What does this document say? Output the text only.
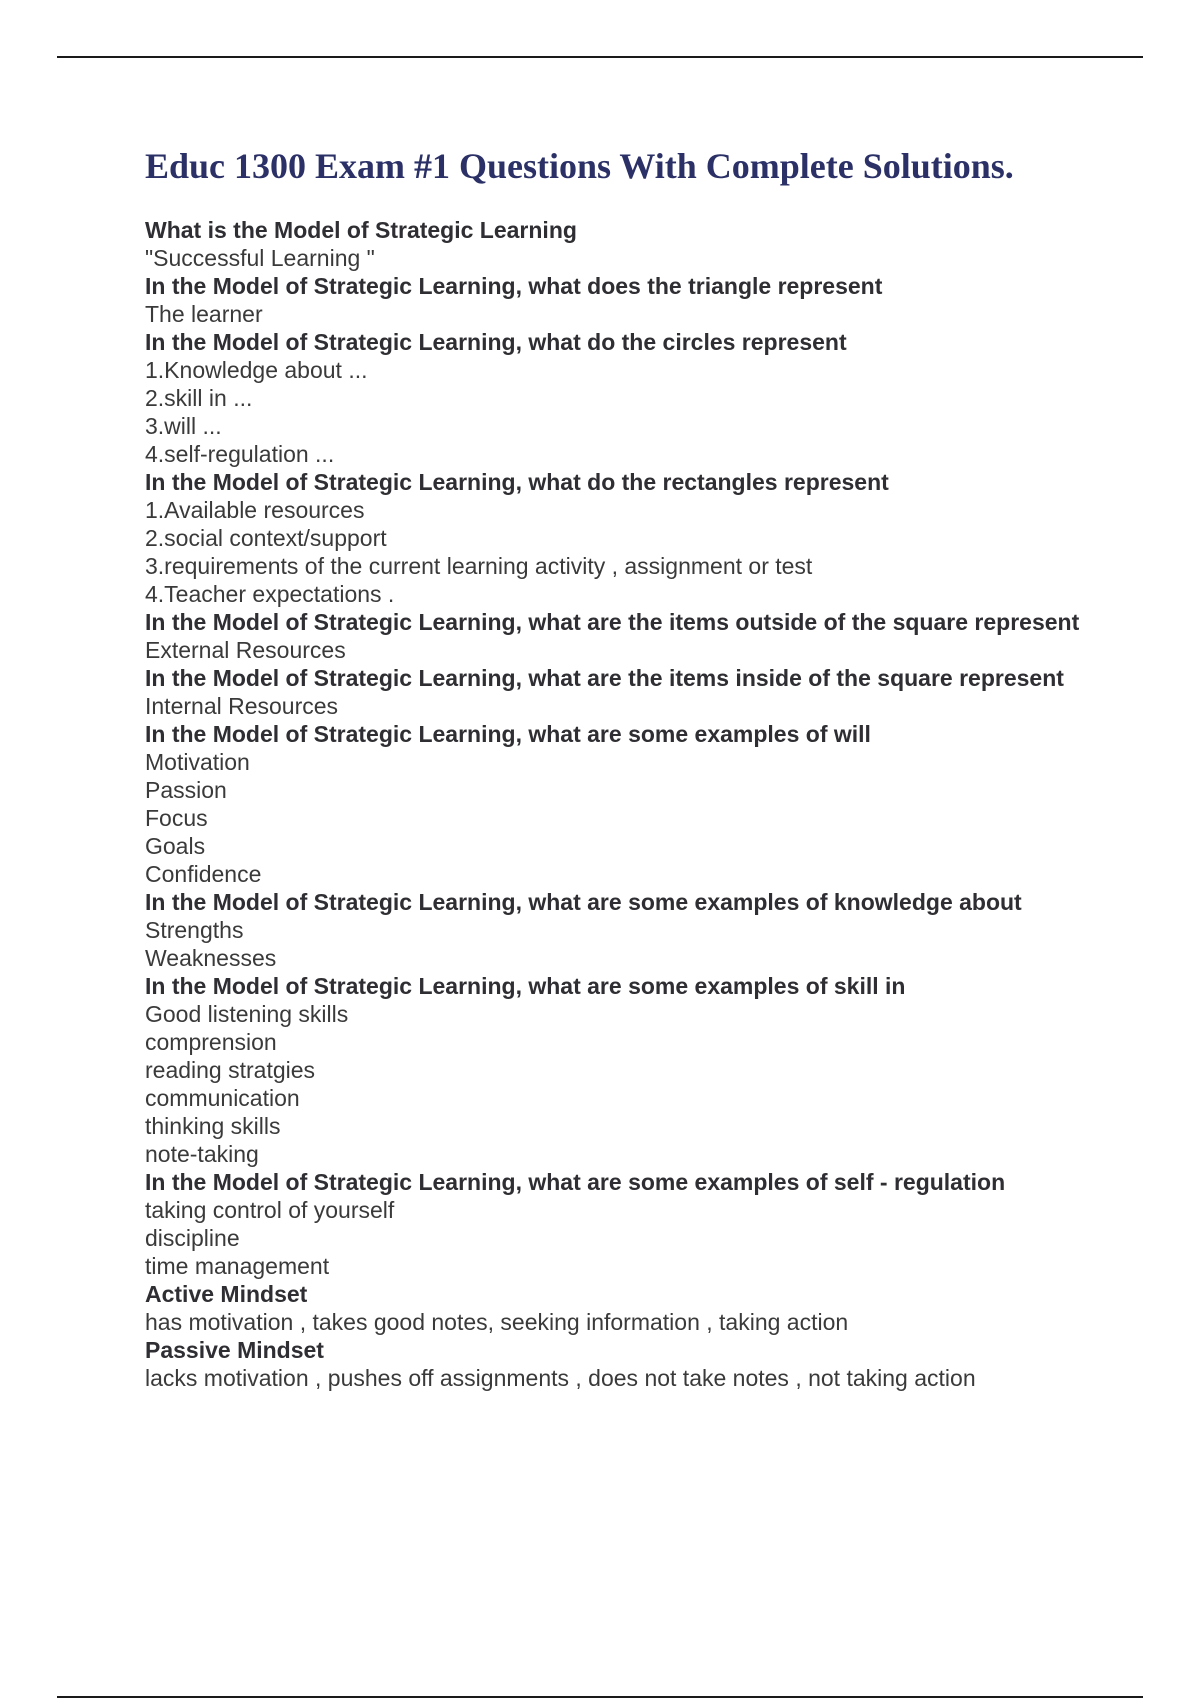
Educ 1300 Exam #1 Questions With Complete Solutions.
What is the Model of Strategic Learning
"Successful Learning "
In the Model of Strategic Learning, what does the triangle represent
The learner
In the Model of Strategic Learning, what do the circles represent
1.Knowledge about ...
2.skill in ...
3.will ...
4.self-regulation ...
In the Model of Strategic Learning, what do the rectangles represent
1.Available resources
2.social context/support
3.requirements of the current learning activity , assignment or test
4.Teacher expectations .
In the Model of Strategic Learning, what are the items outside of the square represent
External Resources
In the Model of Strategic Learning, what are the items inside of the square represent
Internal Resources
In the Model of Strategic Learning, what are some examples of will
Motivation
Passion
Focus
Goals
Confidence
In the Model of Strategic Learning, what are some examples of knowledge about
Strengths
Weaknesses
In the Model of Strategic Learning, what are some examples of skill in
Good listening skills
comprension
reading stratgies
communication
thinking skills
note-taking
In the Model of Strategic Learning, what are some examples of self - regulation
taking control of yourself
discipline
time management
Active Mindset
has motivation , takes good notes, seeking information , taking action
Passive Mindset
lacks motivation , pushes off assignments , does not take notes , not taking action
